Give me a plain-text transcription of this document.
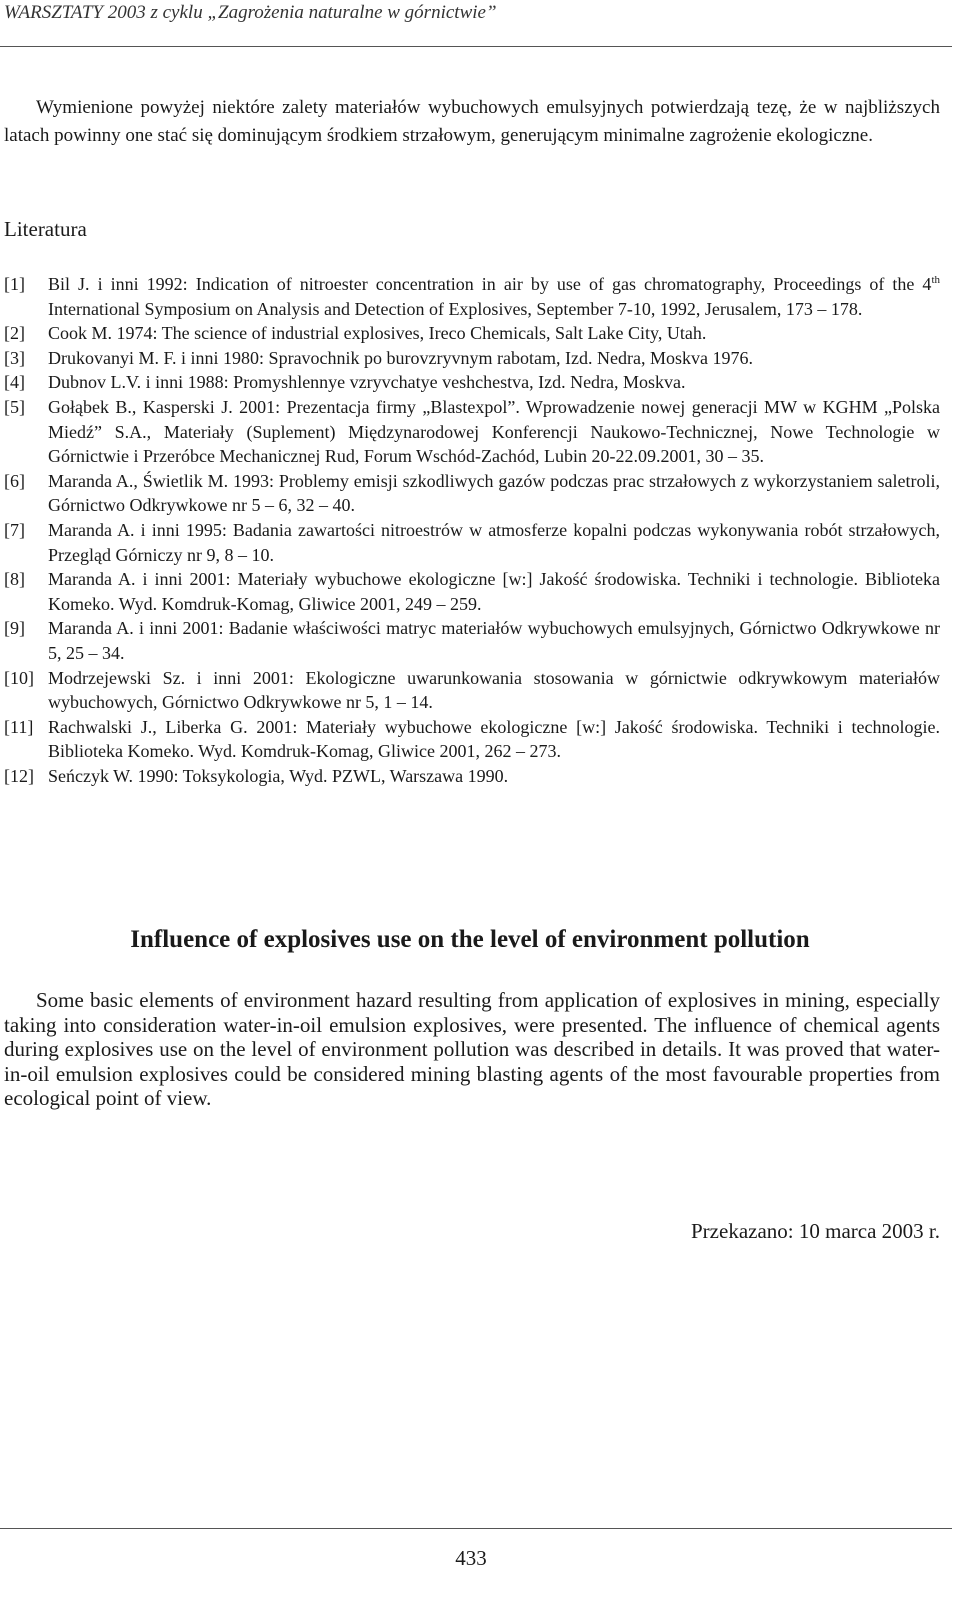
WARSZTATY 2003 z cyklu „Zagrożenia naturalne w górnictwie”

Wymienione powyżej niektóre zalety materiałów wybuchowych emulsyjnych potwierdzają tezę, że w najbliższych latach powinny one stać się dominującym środkiem strzałowym, generującym minimalne zagrożenie ekologiczne.

Literatura
[1]	Bil J. i inni 1992: Indication of nitroester concentration in air by use of gas chromatography, Proceedings of the 4th International Symposium on Analysis and Detection of Explosives, September 7-10, 1992, Jerusalem, 173 – 178.
[2]	Cook M. 1974: The science of industrial explosives, Ireco Chemicals, Salt Lake City, Utah.
[3]	Drukovanyi M. F. i inni 1980: Spravochnik po burovzryvnym rabotam, Izd. Nedra, Moskva 1976.
[4]	Dubnov L.V. i inni 1988: Promyshlennye vzryvchatye veshchestva, Izd. Nedra, Moskva.
[5]	Gołąbek B., Kasperski J. 2001: Prezentacja firmy „Blastexpol”. Wprowadzenie nowej generacji MW w KGHM „Polska Miedź” S.A., Materiały (Suplement) Międzynarodowej Konferencji Naukowo-Technicznej, Nowe Technologie w Górnictwie i Przeróbce Mechanicznej Rud, Forum Wschód-Zachód, Lubin 20-22.09.2001, 30 – 35.
[6]	Maranda A., Świetlik M. 1993: Problemy emisji szkodliwych gazów podczas prac strzałowych z wykorzystaniem saletroli, Górnictwo Odkrywkowe nr 5 – 6, 32 – 40.
[7]	Maranda A. i inni 1995: Badania zawartości nitroestrów w atmosferze kopalni podczas wykonywania robót strzałowych, Przegląd Górniczy nr 9, 8 – 10.
[8]	Maranda A. i inni 2001: Materiały wybuchowe ekologiczne [w:] Jakość środowiska. Techniki i technologie. Biblioteka Komeko. Wyd. Komdruk-Komag, Gliwice 2001, 249 – 259.
[9]	Maranda A. i inni 2001: Badanie właściwości matryc materiałów wybuchowych emulsyjnych, Górnictwo Odkrywkowe nr 5, 25 – 34.
[10] Modrzejewski Sz. i inni 2001: Ekologiczne uwarunkowania stosowania w górnictwie odkrywkowym materiałów wybuchowych, Górnictwo Odkrywkowe nr 5, 1 – 14.
[11] Rachwalski J., Liberka G. 2001: Materiały wybuchowe ekologiczne [w:] Jakość środowiska. Techniki i technologie. Biblioteka Komeko. Wyd. Komdruk-Komag, Gliwice 2001, 262 – 273.
[12] Seńczyk W. 1990: Toksykologia, Wyd. PZWL, Warszawa 1990.
Influence of explosives use on the level of environment pollution

Some basic elements of environment hazard resulting from application of explosives in mining, especially taking into consideration water-in-oil emulsion explosives, were presented. The influence of chemical agents during explosives use on the level of environment pollution was described in details. It was proved that water-in-oil emulsion explosives could be considered mining blasting agents of the most favourable properties from ecological point of view.

Przekazano: 10 marca 2003 r.
433
